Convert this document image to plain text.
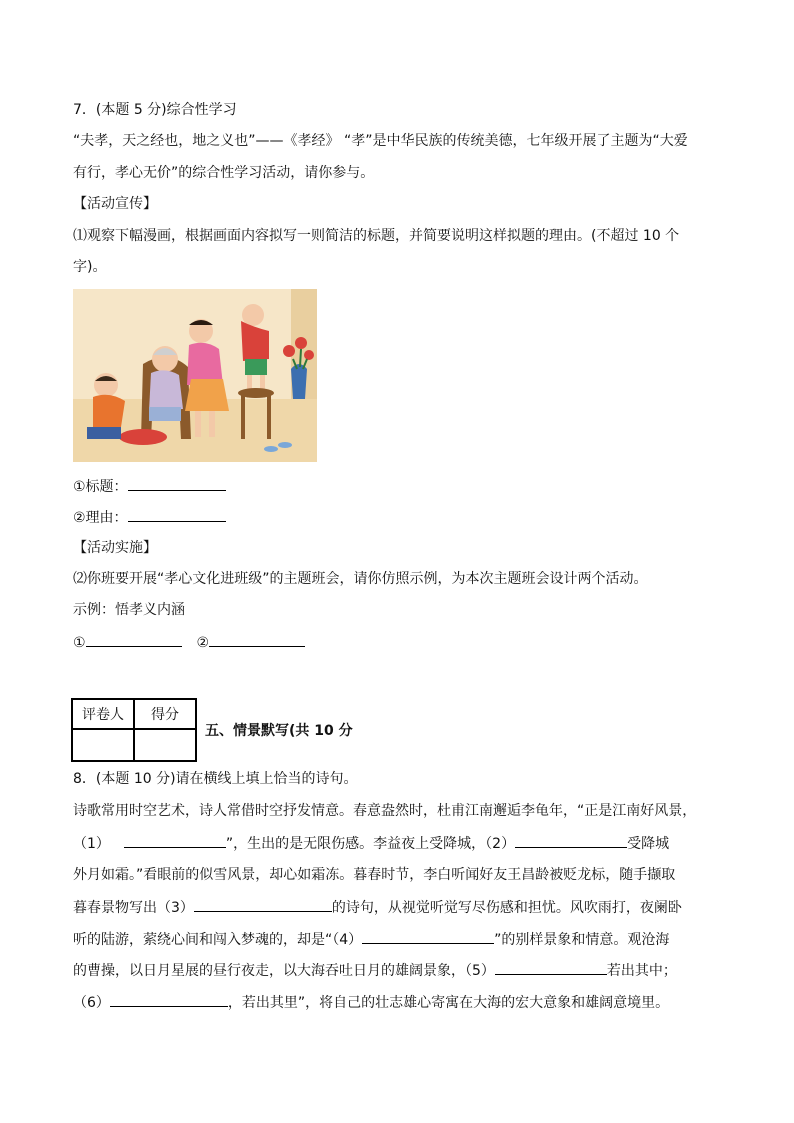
7．(本题 5 分)综合性学习
“夫孝，天之经也，地之义也”——《孝经》 “孝”是中华民族的传统美德，七年级开展了主题为“大爱
有行，孝心无价”的综合性学习活动，请你参与。
【活动宣传】
⑴观察下幅漫画，根据画面内容拟写一则简洁的标题，并简要说明这样拟题的理由。(不超过 10 个
字)。
①标题：
②理由：
【活动实施】
⑵你班要开展“孝心文化进班级”的主题班会，请你仿照示例，为本次主题班会设计两个活动。
示例：悟孝义内涵
①	②
评卷人	得分

五、情景默写(共 10 分
8．(本题 10 分)请在横线上填上恰当的诗句。
诗歌常用时空艺术，诗人常借时空抒发情意。春意盎然时，杜甫江南邂逅李龟年，“正是江南好风景，
（1）	”，生出的是无限伤感。李益夜上受降城，（2）	受降城
外月如霜。”看眼前的似雪风景，却心如霜冻。暮春时节，李白听闻好友王昌龄被贬龙标，随手撷取
暮春景物写出（3）	的诗句，从视觉听觉写尽伤感和担忧。风吹雨打，夜阑卧
听的陆游，萦绕心间和闯入梦魂的，却是“（4）	”的别样景象和情意。观沧海
的曹操，以日月星展的昼行夜走，以大海吞吐日月的雄阔景象，（5）	若出其中；
（6）	，若出其里”，将自己的壮志雄心寄寓在大海的宏大意象和雄阔意境里。
